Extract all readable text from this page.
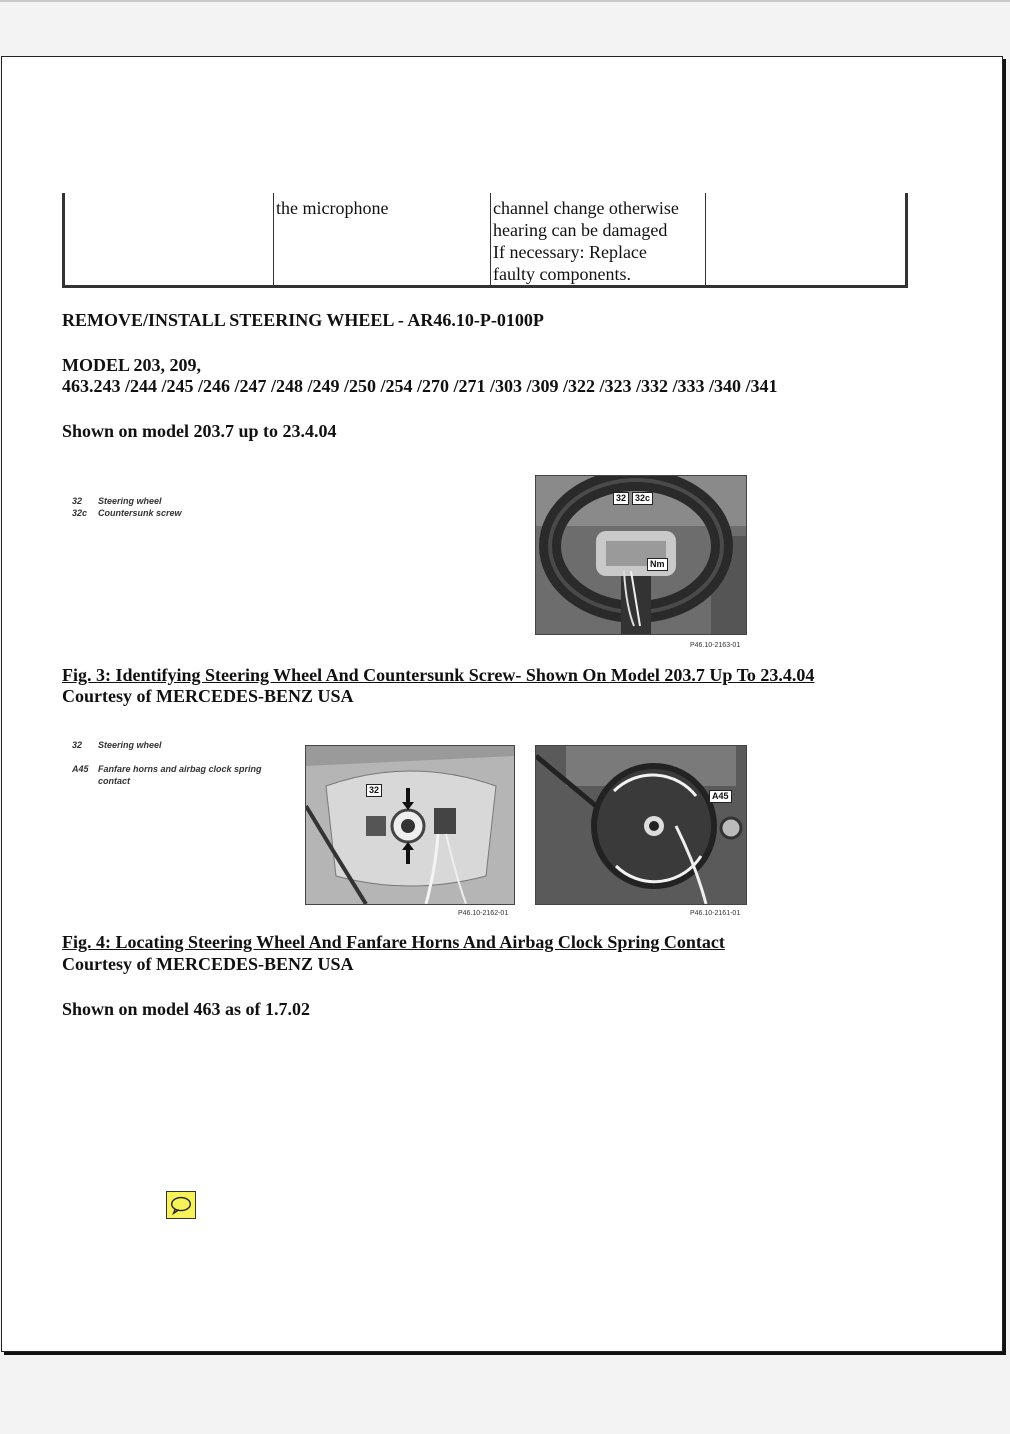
the microphone	channel change otherwise
hearing can be damaged
If necessary: Replace
faulty components.
REMOVE/INSTALL STEERING WHEEL - AR46.10-P-0100P
MODEL 203, 209,
463.243 /244 /245 /246 /247 /248 /249 /250 /254 /270 /271 /303 /309 /322 /323 /332 /333 /340 /341
Shown on model 203.7 up to 23.4.04
32 Steering wheel
32c Countersunk screw
32 32c
Nm
P46.10-2163-01
Fig. 3: Identifying Steering Wheel And Countersunk Screw- Shown On Model 203.7 Up To 23.4.04
Courtesy of MERCEDES-BENZ USA
32 Steering wheel
A45	Fanfare horns and airbag clock spring contact
32
P46.10-2162-01
A45
P46.10-2161-01
Fig. 4: Locating Steering Wheel And Fanfare Horns And Airbag Clock Spring Contact
Courtesy of MERCEDES-BENZ USA
Shown on model 463 as of 1.7.02
